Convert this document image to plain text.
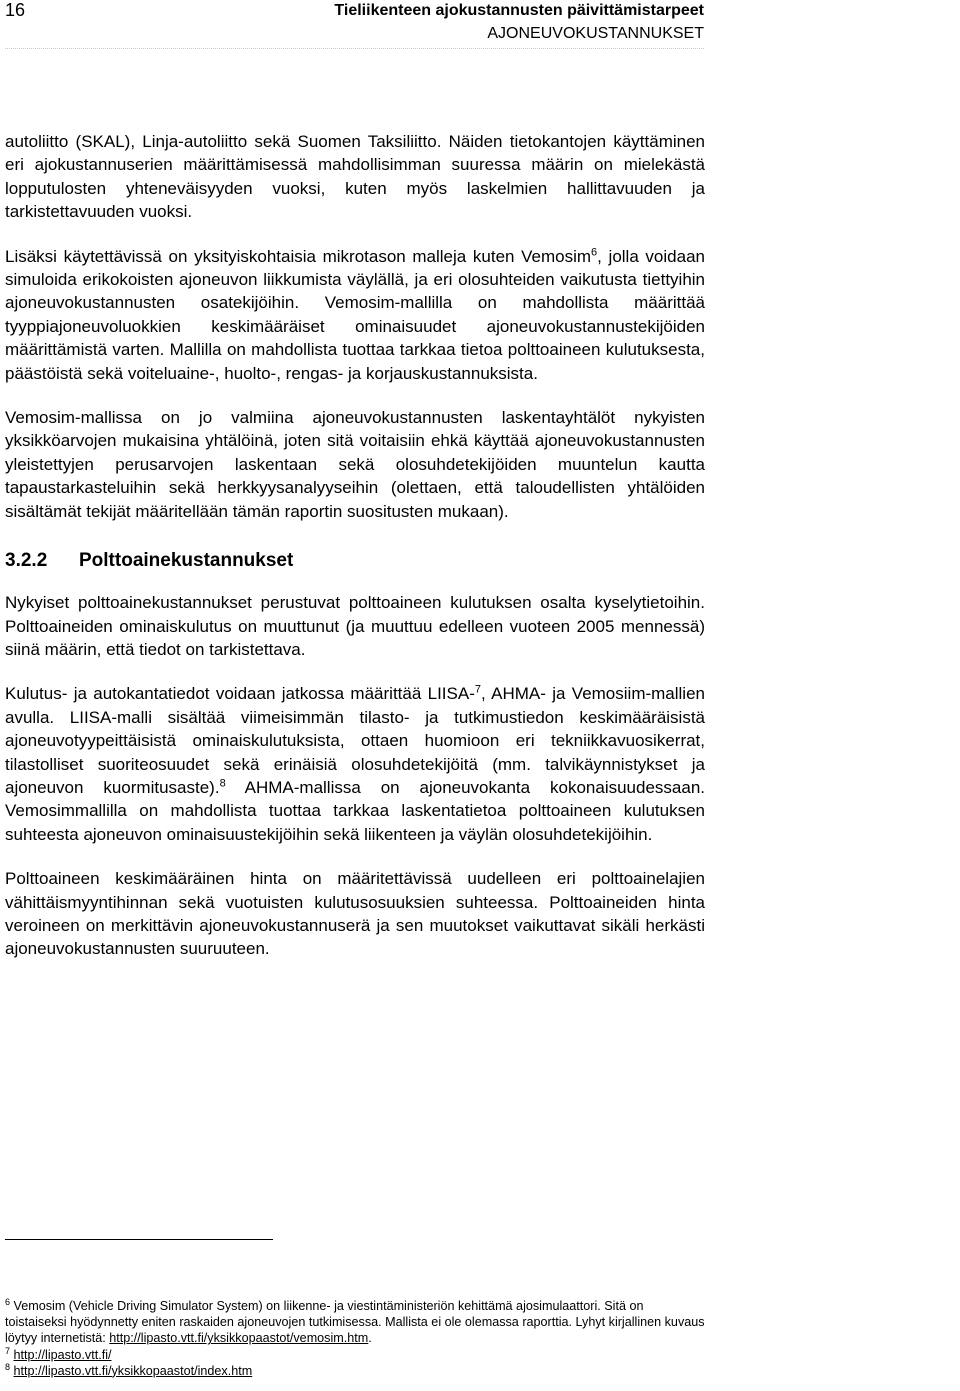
16	Tieliikenteen ajokustannusten päivittämistarpeet
AJONEUVOKUSTANNUKSET

autoliitto (SKAL), Linja-autoliitto sekä Suomen Taksiliitto. Näiden tietokantojen käyttäminen eri ajokustannuserien määrittämisessä mahdollisimman suuressa määrin on mielekästä lopputulosten yhteneväisyyden vuoksi, kuten myös laskelmien hallittavuuden ja tarkistettavuuden vuoksi.

Lisäksi käytettävissä on yksityiskohtaisia mikrotason malleja kuten Vemosim$^6$, jolla voidaan simuloida erikokoisten ajoneuvon liikkumista väylällä, ja eri olosuhteiden vaikutusta tiettyihin ajoneuvokustannusten osatekijöihin. Vemosim-mallilla on mahdollista määrittää tyyppiajoneuvoluokkien keskimääräiset ominaisuudet ajoneuvokustannustekijöiden määrittämistä varten. Mallilla on mahdollista tuottaa tarkkaa tietoa polttoaineen kulutuksesta, päästöistä sekä voiteluaine-, huolto-, rengas- ja korjauskustannuksista.

Vemosim-mallissa on jo valmiina ajoneuvokustannusten laskentayhtälöt nykyisten yksikköarvojen mukaisina yhtälöinä, joten sitä voitaisiin ehkä käyttää ajoneuvokustannusten yleistettyjen perusarvojen laskentaan sekä olosuhdetekijöiden muuntelun kautta tapaustarkasteluihin sekä herkkyysanalyyseihin (olettaen, että taloudellisten yhtälöiden sisältämät tekijät määritellään tämän raportin suositusten mukaan).

3.2.2 Polttoainekustannukset

Nykyiset polttoainekustannukset perustuvat polttoaineen kulutuksen osalta kyselytietoihin. Polttoaineiden ominaiskulutus on muuttunut (ja muuttuu edelleen vuoteen 2005 mennessä) siinä määrin, että tiedot on tarkistettava.

Kulutus- ja autokantatiedot voidaan jatkossa määrittää LIISA-$^7$, AHMA- ja Vemosiim-mallien avulla. LIISA-malli sisältää viimeisimmän tilasto- ja tutkimustiedon keskimääräisistä ajoneuvotyypeittäisistä ominaiskulutuksista, ottaen huomioon eri tekniikkavuosikerrat, tilastolliset suoriteosuudet sekä erinäisiä olosuhdetekijöitä (mm. talvikäynnistykset ja ajoneuvon kuormitusaste).$^8$ AHMA-mallissa on ajoneuvokanta kokonaisuudessaan. Vemosimmallilla on mahdollista tuottaa tarkkaa laskentatietoa polttoaineen kulutuksen suhteesta ajoneuvon ominaisuustekijöihin sekä liikenteen ja väylän olosuhdetekijöihin.

Polttoaineen keskimääräinen hinta on määritettävissä uudelleen eri polttoainelajien vähittäismyyntihinnan sekä vuotuisten kulutusosuuksien suhteessa. Polttoaineiden hinta veroineen on merkittävin ajoneuvokustannuserä ja sen muutokset vaikuttavat sikäli herkästi ajoneuvokustannusten suuruuteen.

$^6$ Vemosim (Vehicle Driving Simulator System) on liikenne- ja viestintäministeriön kehittämä ajosimulaattori. Sitä on toistaiseksi hyödynnetty eniten raskaiden ajoneuvojen tutkimisessa. Mallista ei ole olemassa raporttia. Lyhyt kirjallinen kuvaus löytyy internetistä: http://lipasto.vtt.fi/yksikkopaastot/vemosim.htm.

$^7$ http://lipasto.vtt.fi/

$^8$ http://lipasto.vtt.fi/yksikkopaastot/index.htm
